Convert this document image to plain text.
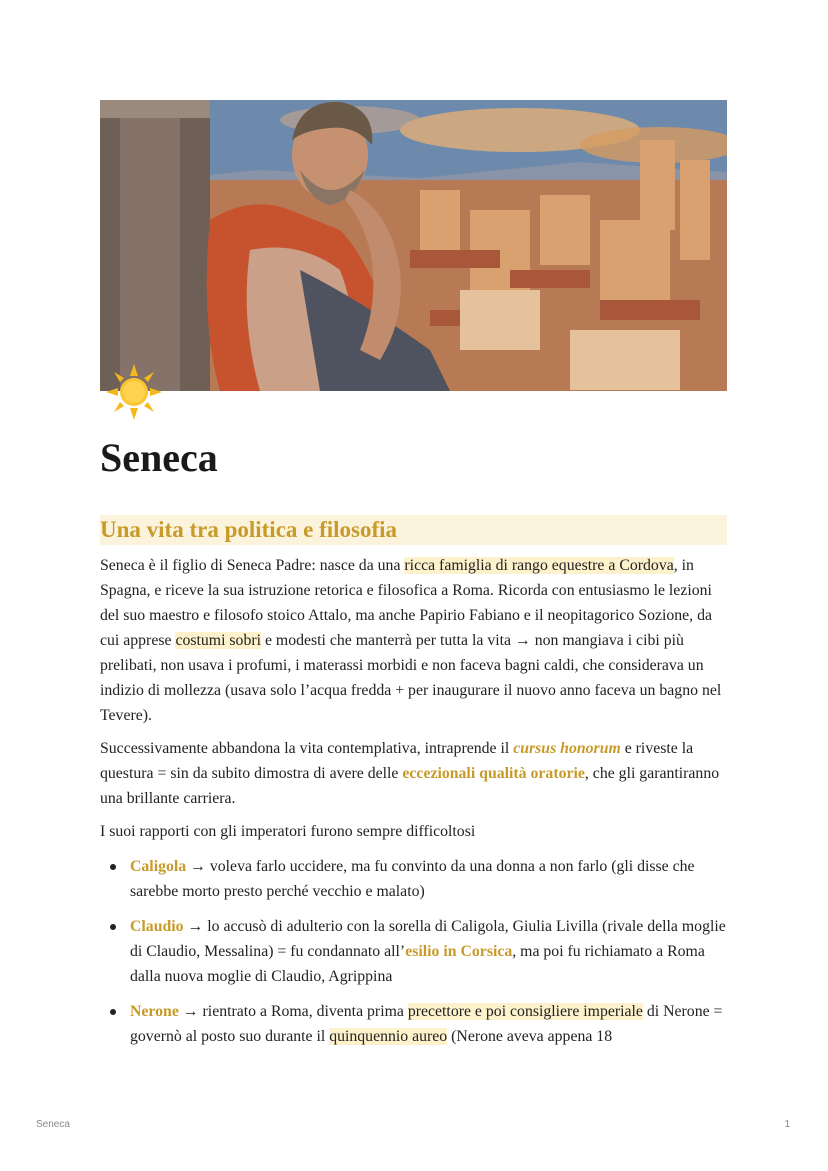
Seneca
Una vita tra politica e filosofia

Seneca è il figlio di Seneca Padre: nasce da una ricca famiglia di rango equestre a Cordova, in Spagna, e riceve la sua istruzione retorica e filosofica a Roma. Ricorda con entusiasmo le lezioni del suo maestro e filosofo stoico Attalo, ma anche Papirio Fabiano e il neopitagorico Sozione, da cui apprese costumi sobri e modesti che manterrà per tutta la vita → non mangiava i cibi più prelibati, non usava i profumi, i materassi morbidi e non faceva bagni caldi, che considerava un indizio di mollezza (usava solo l’acqua fredda + per inaugurare il nuovo anno faceva un bagno nel Tevere).

Successivamente abbandona la vita contemplativa, intraprende il cursus honorum e riveste la questura = sin da subito dimostra di avere delle eccezionali qualità oratorie, che gli garantiranno una brillante carriera.

I suoi rapporti con gli imperatori furono sempre difficoltosi

Caligola → voleva farlo uccidere, ma fu convinto da una donna a non farlo (gli disse che sarebbe morto presto perché vecchio e malato)
Claudio → lo accusò di adulterio con la sorella di Caligola, Giulia Livilla (rivale della moglie di Claudio, Messalina) = fu condannato all’esilio in Corsica, ma poi fu richiamato a Roma dalla nuova moglie di Claudio, Agrippina
Nerone → rientrato a Roma, diventa prima precettore e poi consigliere imperiale di Nerone = governò al posto suo durante il quinquennio aureo (Nerone aveva appena 18
Seneca	1
